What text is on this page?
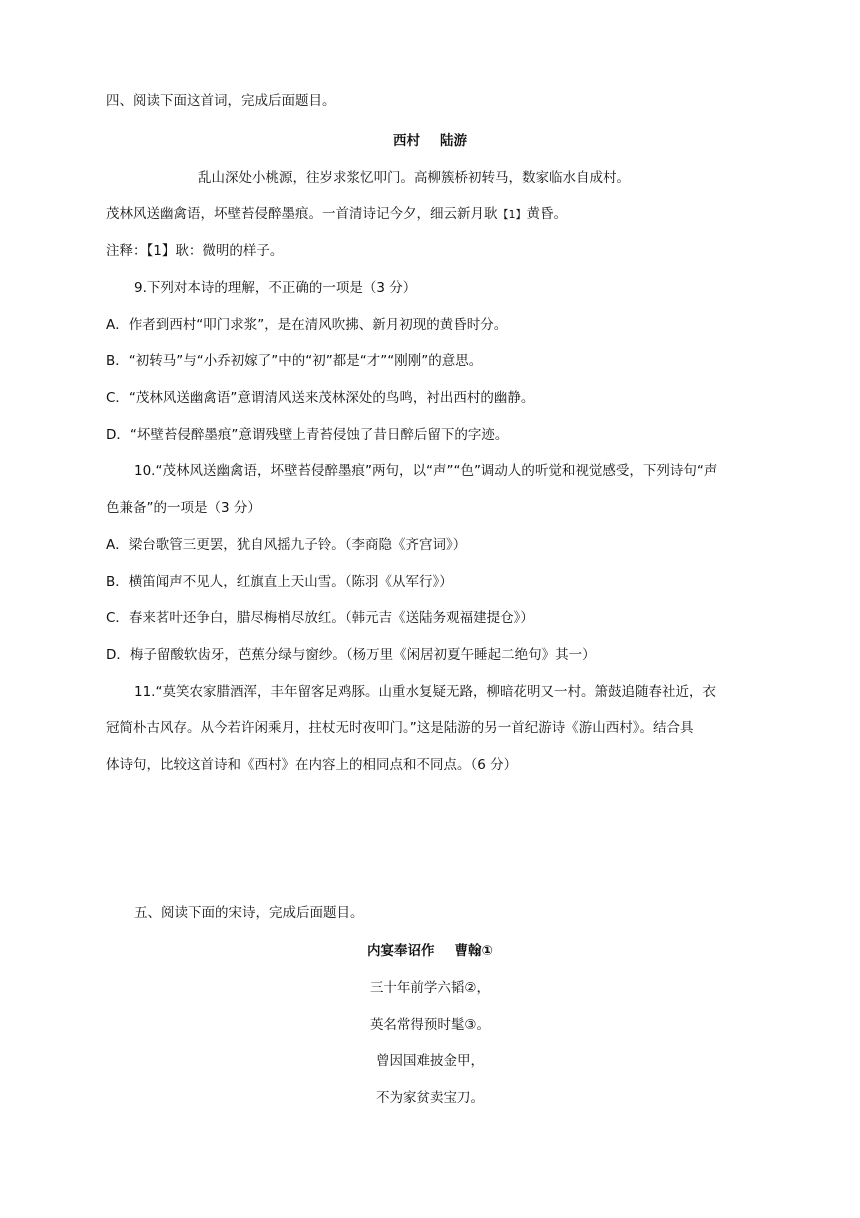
四、阅读下面这首词，完成后面题目。
西村 陆游
乱山深处小桃源，往岁求浆忆叩门。高柳簇桥初转马，数家临水自成村。
茂林风送幽禽语，坏壁苔侵醉墨痕。一首清诗记今夕，细云新月耿【1】黄昏。
注释：【1】耿：微明的样子。
9.下列对本诗的理解，不正确的一项是（3 分）
A．作者到西村“叩门求浆”，是在清风吹拂、新月初现的黄昏时分。
B．“初转马”与“小乔初嫁了”中的“初”都是“才”“刚刚”的意思。
C．“茂林风送幽禽语”意谓清风送来茂林深处的鸟鸣，衬出西村的幽静。
D．“坏壁苔侵醉墨痕”意谓残壁上青苔侵蚀了昔日醉后留下的字迹。
10.“茂林风送幽禽语，坏壁苔侵醉墨痕”两句，以“声”“色”调动人的听觉和视觉感受，下列诗句“声
色兼备”的一项是（3 分）
A．梁台歌管三更罢，犹自风摇九子铃。（李商隐《齐宫词》）
B．横笛闻声不见人，红旗直上天山雪。（陈羽《从军行》）
C．春来茗叶还争白，腊尽梅梢尽放红。（韩元吉《送陆务观福建提仓》）
D．梅子留酸软齿牙，芭蕉分绿与窗纱。（杨万里《闲居初夏午睡起二绝句》其一）
11.“莫笑农家腊酒浑，丰年留客足鸡豚。山重水复疑无路，柳暗花明又一村。箫鼓追随春社近，衣
冠简朴古风存。从今若许闲乘月，拄杖无时夜叩门。”这是陆游的另一首纪游诗《游山西村》。结合具
体诗句，比较这首诗和《西村》在内容上的相同点和不同点。（6 分）
五、阅读下面的宋诗，完成后面题目。
内宴奉诏作 曹翰①
三十年前学六韬②，
英名常得预时髦③。
曾因国难披金甲，
不为家贫卖宝刀。
